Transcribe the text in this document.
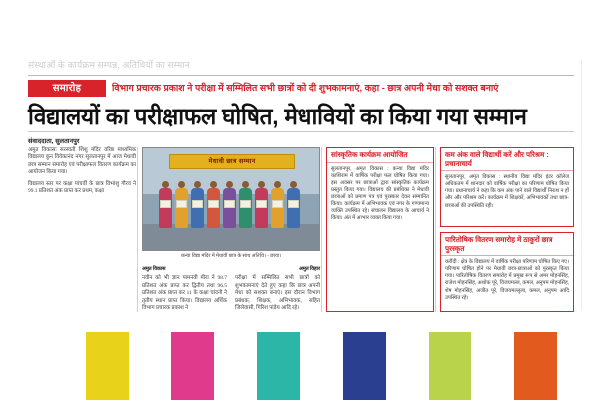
संस्थाओं के कार्यक्रम सम्पन्न, अतिथियों का सम्मान
समारोह	विभाग प्रचारक प्रकाश ने परीक्षा में सम्मिलित सभी छात्रों को दी शुभकामनाएं, कहा - छात्र अपनी मेधा को सशक्त बनाएं
विद्यालयों का परीक्षाफल घोषित, मेधावियों का किया गया सम्मान
संवाददाता, सुलतानपुर

अमुत विकासः सरस्वती शिशु मंदिर वरिष्ठ माध्यमिक विद्यालय कुन विवेकानंद नगर सुलतानपुर में आज मेधावी छात्र सम्मान समारोह एवं परीक्षाफल वितरण कार्यक्रम का आयोजन किया गया।

विद्यालय स्तर पर कक्षा पांचवीं के छात्र विभांशु गौरव ने 99.1 प्रतिशत अंक प्राप्त कर प्रथम, कक्षा

मेधावी छात्र सम्मान
कन्या विद्या मंदिर में मेधावी छात्र के साथ अतिथि। - छाया।
अमुत विकास

नवीन को भी ज्ञान पामनवी मीरा ने 98.7 प्रतिशत अंक प्राप्त कर द्वितीय तथा 96.5 प्रतिशत अंक प्राप्त कर 11 के कक्षा चांदनी ने तृतीय स्थान प्राप्त किया। विद्यालय अर्थिक विभाग प्रचारक प्रकाश ने

अमुत विहार

परीक्षा में सम्मिलित सभी छात्रों को शुभकामनाएं देते हुए कहा कि छात्र अपनी मेधा को सशक्त बनाएं। इस दौरान विभाग प्रबंधक, शिक्षक, अभिभावक, सहित जिलेवासी, गिरिश पांडेय आदि रहे।

सांस्कृतिक कार्यक्रम आयोजित
सुलतानपुर, अमृत विकास : कन्या विद्या मंदिर काशिराम में वार्षिक परीक्षा फल घोषित किया गया। इस अवसर पर छात्राओं द्वारा सांस्कृतिक कार्यक्रम प्रस्तुत किया गया। विद्यालय की प्रबंधिका ने मेधावी छात्राओं को प्रमाण पत्र एवं पुरस्कार देकर सम्मानित किया। कार्यक्रम में अभिभावक एवं नगर के गण्यमान्य व्यक्ति उपस्थित रहे। संचालन विद्यालय के आचार्य ने किया। अंत में आभार व्यक्त किया गया।
कम अंक वाले विद्यार्थी करें और परिश्रम : प्रधानाचार्य
सुलतानपुर, अमृत विकास : स्थानीय विद्या मंदिर इंटर कॉलेज अधिकतम में शानदार को वार्षिक परीक्षा का परिणाम घोषित किया गया। प्रधानाचार्य ने कहा कि कम अंक पाने वाले विद्यार्थी निराश न हों और और परिश्रम करें। कार्यक्रम में शिक्षकों, अभिभावकों तथा छात्र-छात्राओं की उपस्थिति रही।
पारितोषिक वितरण समारोह में ठाकुरों छात्र पुरस्कृत
करौंदी : क्षेत्र के विद्यालय में वार्षिक परीक्षा परिणाम घोषित किए गए। परिणाम घोषित होने पर मेधावी छात्र-छात्राओं को पुरस्कृत किया गया। पारितोषिक वितरण समारोह में प्रमुख रूप से अमर मोहनसिंह, राजेश मोहनसिंह, अशोक पूरे, विजयमल्ल, कमल, अनुपम मोहनसिंह, शेष मोहनसिंह, अजीत पूरे, विजयमल्लुला, कमल, अनुपम आदि उपस्थित रहे।
